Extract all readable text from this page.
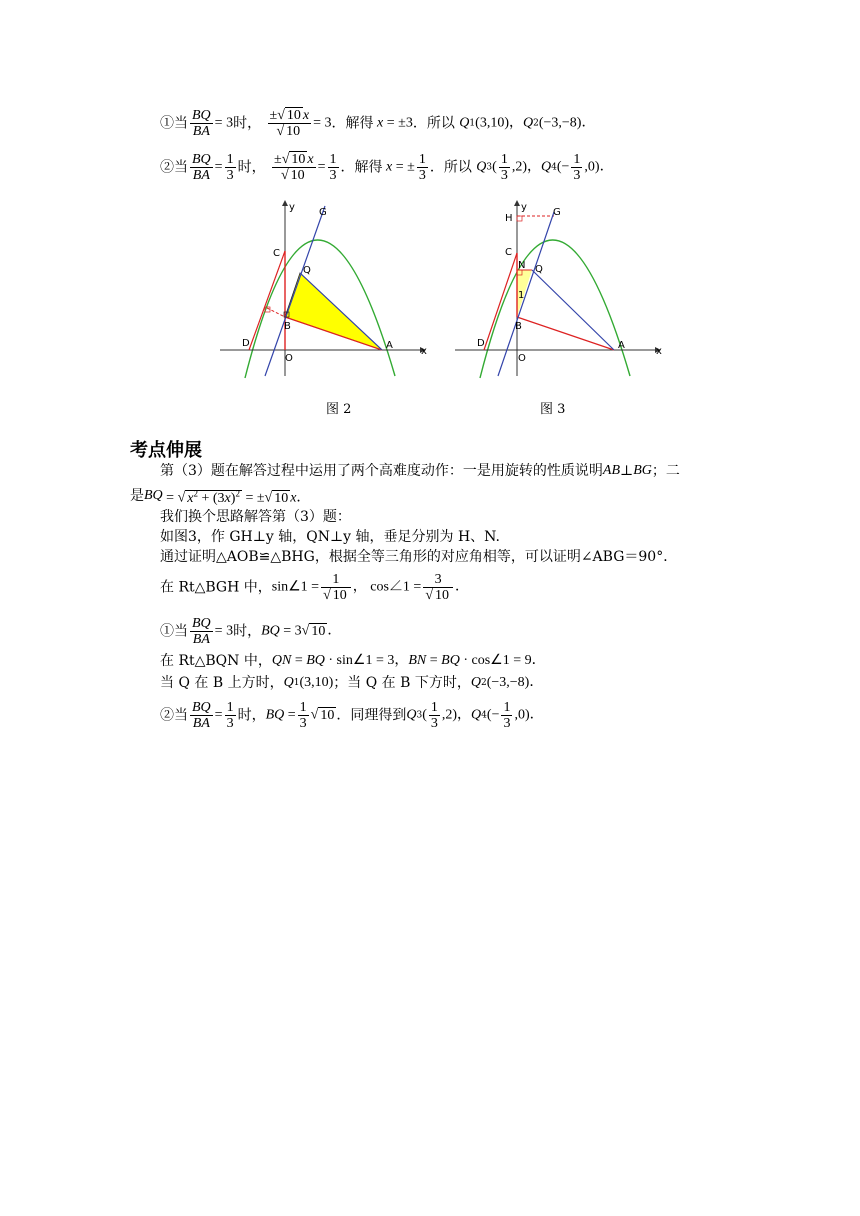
①当 $\frac{BQ}{BA} = 3$时， $\frac{\pm√ 10 x}{√ 10} = 3$．解得 x = ±3．所以 Q1(3,10)，Q2(−3,−8)．
②当 $\frac{BQ}{BA} = \frac{1}{3}$ 时， $\frac{\pm√ 10 x}{√ 10} = \frac{1}{3}$ ．解得 x = ± $\frac{1}{3}$ ．所以 $Q3( \frac{1}{3} ,2)$，$Q4(- \frac{1}{3} ,0)$．
y
x
G
C
Q
B
D
O
A
图 2
y
x
H
G
C
N Q
1
B
D
O
A
图 3
考点伸展
第（3）题在解答过程中运用了两个高难度动作：一是用旋转的性质说明AB⊥BG；二
是BQ = √ $x^2 + (3x)^2$ = ±√ 10 x．
我们换个思路解答第（3）题：
如图3，作 GH⊥y 轴，QN⊥y 轴，垂足分别为 H、N.
通过证明△AOB≌△BHG，根据全等三角形的对应角相等，可以证明∠ABG＝90°．
在 Rt△BGH 中，sin∠1 = $\frac{1}{√ 10}$ ， cos∠1 = $\frac{3}{√ 10}$ ．
①当 $\frac{BQ}{BA} = 3$时，BQ = 3√ 10 ．
在 Rt△BQN 中，QN = BQ · sin∠1 = 3，BN = BQ · cos∠1 = 9．
当 Q 在 B 上方时，Q1(3,10)；当 Q 在 B 下方时，Q2(−3,−8)．
②当 $\frac{BQ}{BA} = \frac{1}{3}$ 时，BQ = $\frac{1}{3}$ √ 10 ．同理得到$Q3( \frac{1}{3} ,2)$，$Q4(- \frac{1}{3} ,0)$．
